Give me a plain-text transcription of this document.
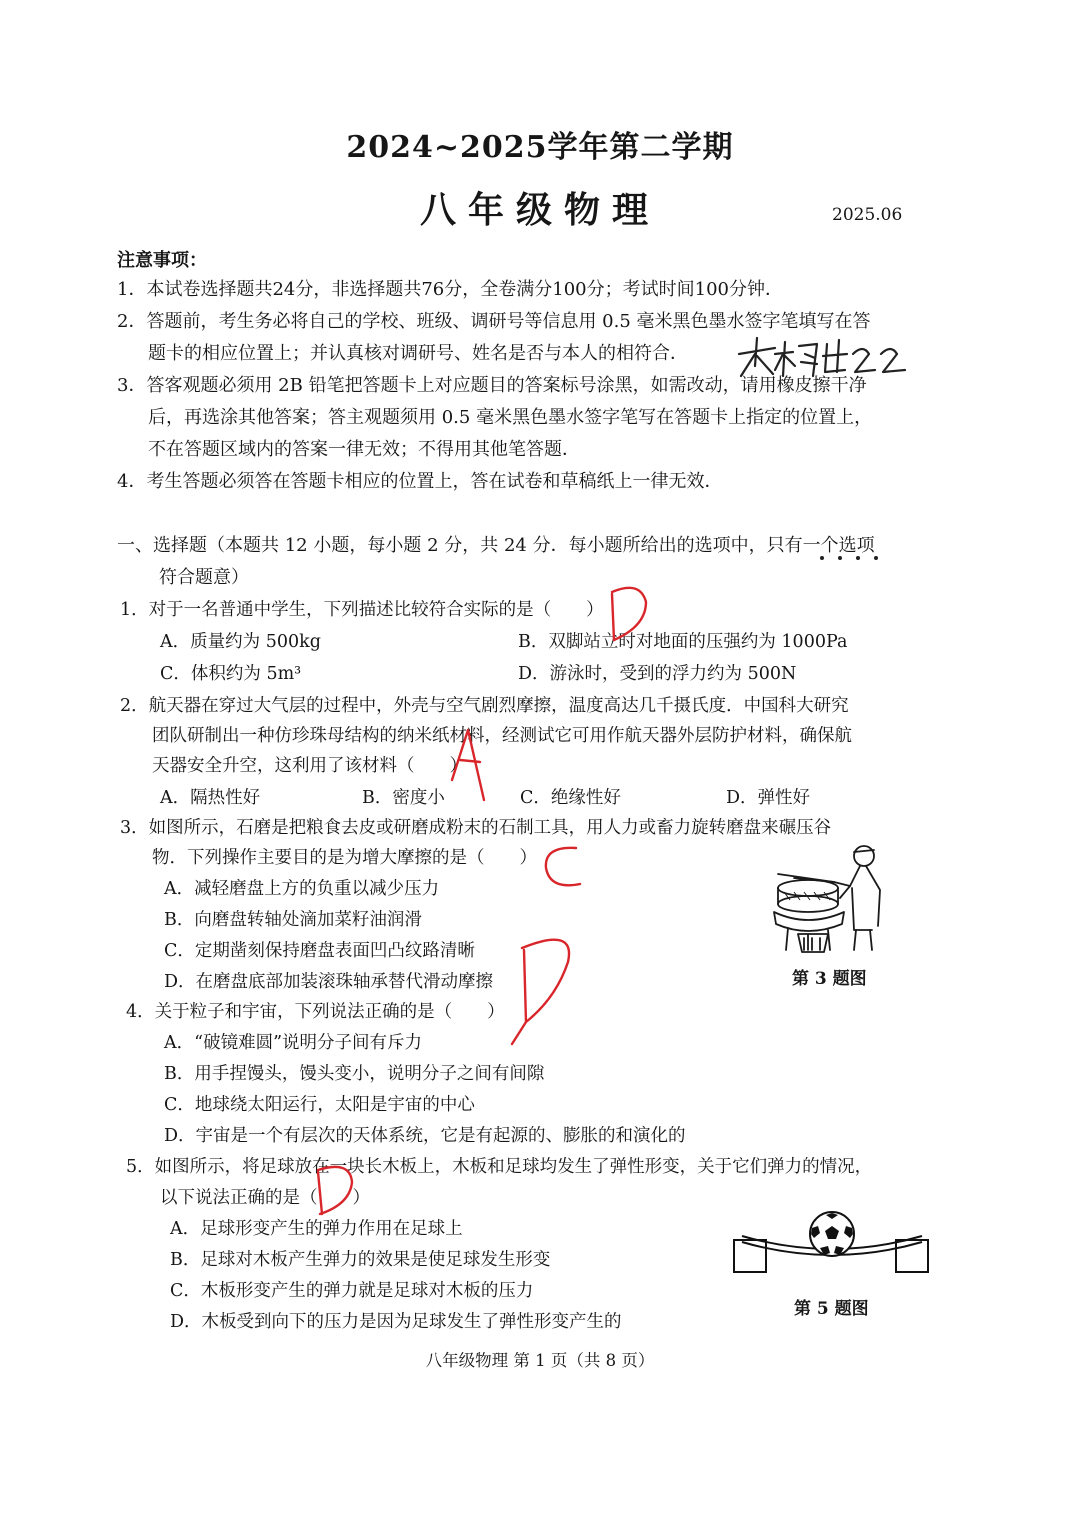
2024~2025学年第二学期
八年级物理	2025.06
注意事项：
1．本试卷选择题共24分，非选择题共76分，全卷满分100分；考试时间100分钟．
2．答题前，考生务必将自己的学校、班级、调研号等信息用 0.5 毫米黑色墨水签字笔填写在答
题卡的相应位置上；并认真核对调研号、姓名是否与本人的相符合．
3．答客观题必须用 2B 铅笔把答题卡上对应题目的答案标号涂黑，如需改动，请用橡皮擦干净
后，再选涂其他答案；答主观题须用 0.5 毫米黑色墨水签字笔写在答题卡上指定的位置上，
不在答题区域内的答案一律无效；不得用其他笔答题．
4．考生答题必须答在答题卡相应的位置上，答在试卷和草稿纸上一律无效．
一、选择题（本题共 12 小题，每小题 2 分，共 24 分．每小题所给出的选项中，只有一个选项
符合题意）
1．对于一名普通中学生，下列描述比较符合实际的是（　　）
A．质量约为 500kg	B．双脚站立时对地面的压强约为 1000Pa
C．体积约为 5m³	D．游泳时，受到的浮力约为 500N
2．航天器在穿过大气层的过程中，外壳与空气剧烈摩擦，温度高达几千摄氏度．中国科大研究
团队研制出一种仿珍珠母结构的纳米纸材料，经测试它可用作航天器外层防护材料，确保航
天器安全升空，这利用了该材料（　　）
A．隔热性好	B．密度小	C．绝缘性好	D．弹性好
3．如图所示，石磨是把粮食去皮或研磨成粉末的石制工具，用人力或畜力旋转磨盘来碾压谷
物．下列操作主要目的是为增大摩擦的是（　　）
A．减轻磨盘上方的负重以减少压力
B．向磨盘转轴处滴加菜籽油润滑
C．定期凿刻保持磨盘表面凹凸纹路清晰
D．在磨盘底部加装滚珠轴承替代滑动摩擦	第 3 题图
4．关于粒子和宇宙，下列说法正确的是（　　）
A．“破镜难圆”说明分子间有斥力
B．用手捏馒头，馒头变小，说明分子之间有间隙
C．地球绕太阳运行，太阳是宇宙的中心
D．宇宙是一个有层次的天体系统，它是有起源的、膨胀的和演化的
5．如图所示，将足球放在一块长木板上，木板和足球均发生了弹性形变，关于它们弹力的情况，
以下说法正确的是（　　）
A．足球形变产生的弹力作用在足球上
B．足球对木板产生弹力的效果是使足球发生形变
C．木板形变产生的弹力就是足球对木板的压力
D．木板受到向下的压力是因为足球发生了弹性形变产生的
第 5 题图
八年级物理 第 1 页（共 8 页）
